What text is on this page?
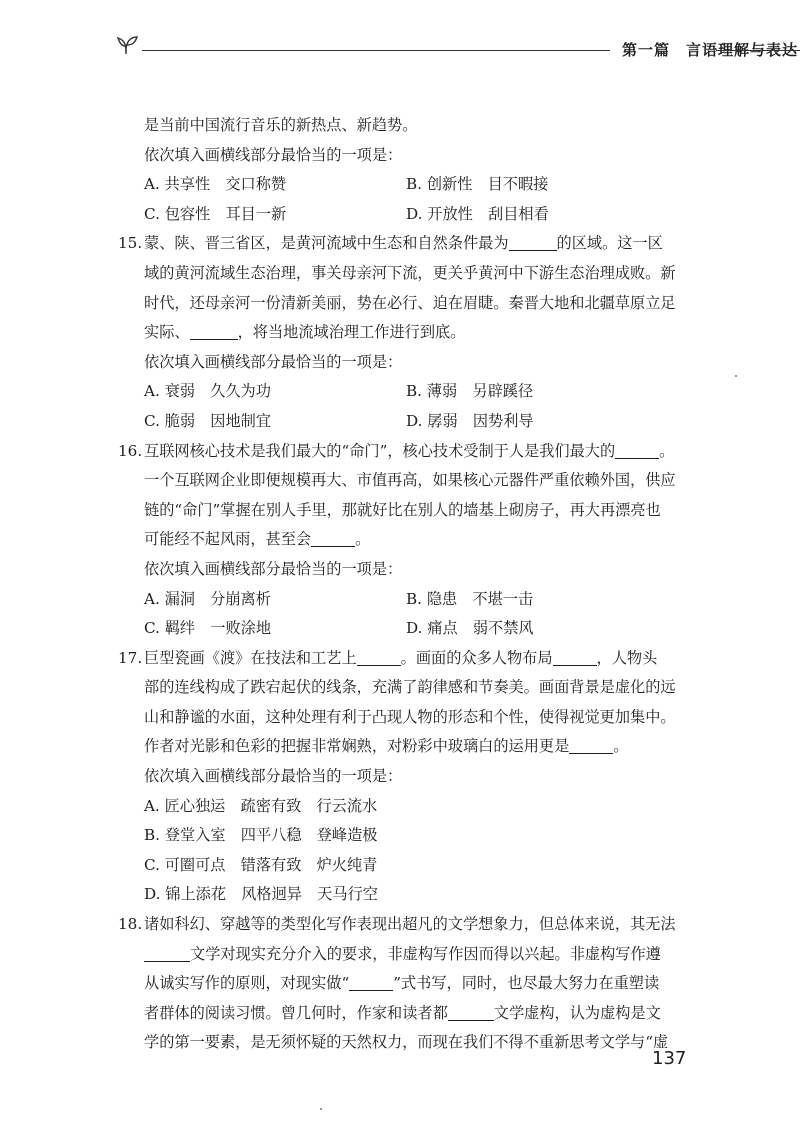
第一篇　言语理解与表达
是当前中国流行音乐的新热点、新趋势。
依次填入画横线部分最恰当的一项是：
A. 共享性　交口称赞	B. 创新性　目不暇接
C. 包容性　耳目一新	D. 开放性　刮目相看
15. 蒙、陕、晋三省区，是黄河流域中生态和自然条件最为	的区域。这一区
域的黄河流域生态治理，事关母亲河下流，更关乎黄河中下游生态治理成败。新
时代，还母亲河一份清新美丽，势在必行、迫在眉睫。秦晋大地和北疆草原立足
实际、	，将当地流域治理工作进行到底。
依次填入画横线部分最恰当的一项是：
A. 衰弱　久久为功	B. 薄弱　另辟蹊径
C. 脆弱　因地制宜	D. 孱弱　因势利导
16. 互联网核心技术是我们最大的“命门”，核心技术受制于人是我们最大的	。
一个互联网企业即便规模再大、市值再高，如果核心元器件严重依赖外国，供应
链的“命门”掌握在别人手里，那就好比在别人的墙基上砌房子，再大再漂亮也
可能经不起风雨，甚至会	。
依次填入画横线部分最恰当的一项是：
A. 漏洞　分崩离析	B. 隐患　不堪一击
C. 羁绊　一败涂地	D. 痛点　弱不禁风
17. 巨型瓷画《渡》在技法和工艺上	。画面的众多人物布局	，人物头
部的连线构成了跌宕起伏的线条，充满了韵律感和节奏美。画面背景是虚化的远
山和静谧的水面，这种处理有利于凸现人物的形态和个性，使得视觉更加集中。
作者对光影和色彩的把握非常娴熟，对粉彩中玻璃白的运用更是	。
依次填入画横线部分最恰当的一项是：
A. 匠心独运　疏密有致　行云流水
B. 登堂入室　四平八稳　登峰造极
C. 可圈可点　错落有致　炉火纯青
D. 锦上添花　风格迥异　天马行空
18. 诸如科幻、穿越等的类型化写作表现出超凡的文学想象力，但总体来说，其无法
文学对现实充分介入的要求，非虚构写作因而得以兴起。非虚构写作遵
从诚实写作的原则，对现实做“	”式书写，同时，也尽最大努力在重塑读
者群体的阅读习惯。曾几何时，作家和读者都	文学虚构，认为虚构是文
学的第一要素，是无须怀疑的天然权力，而现在我们不得不重新思考文学与“虚
137
